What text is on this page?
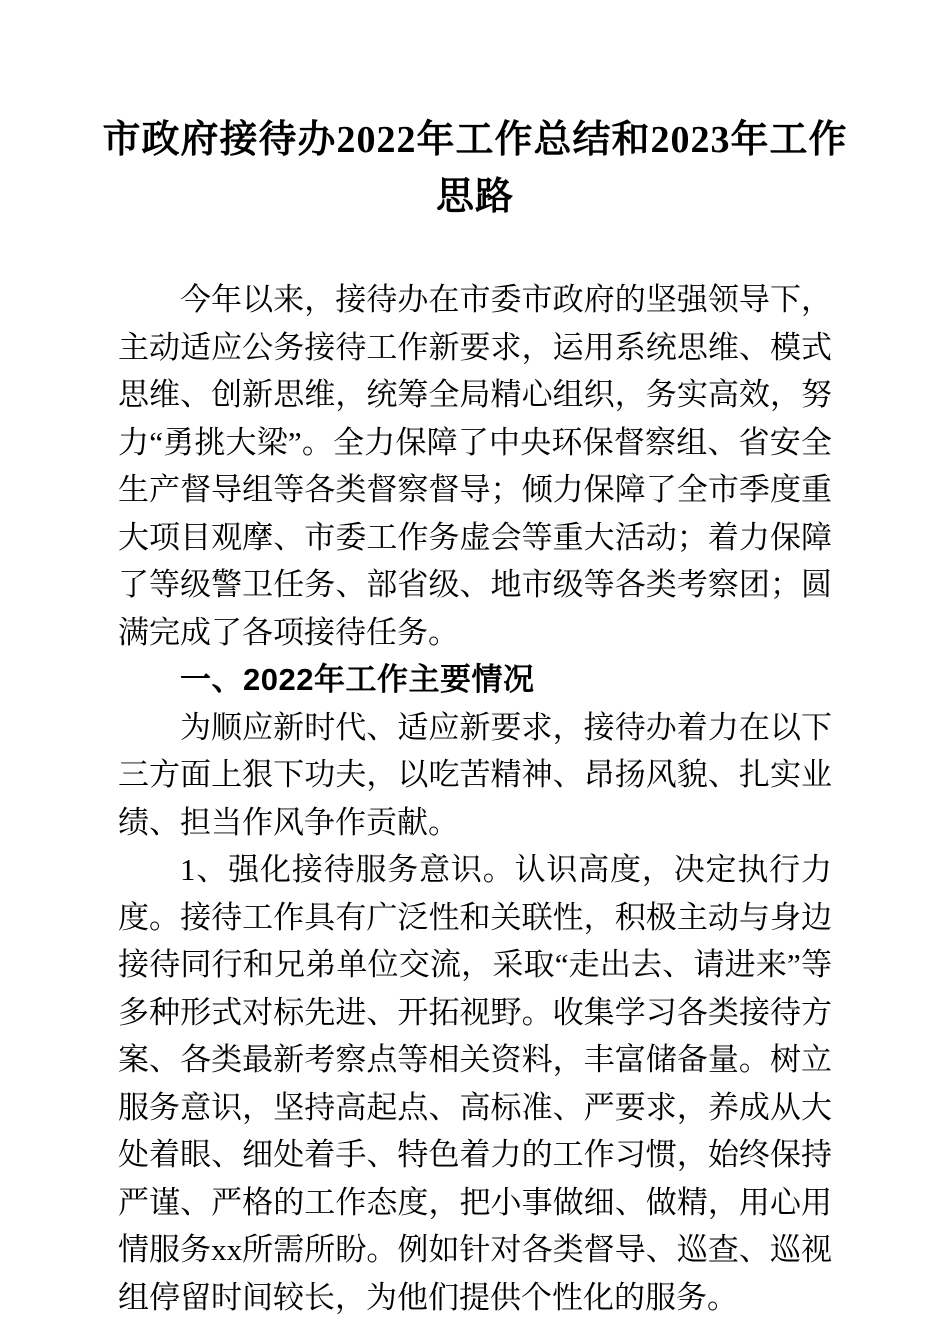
市政府接待办2022年工作总结和2023年工作思路

今年以来，接待办在市委市政府的坚强领导下，主动适应公务接待工作新要求，运用系统思维、模式思维、创新思维，统筹全局精心组织，务实高效，努力“勇挑大梁”。全力保障了中央环保督察组、省安全生产督导组等各类督察督导；倾力保障了全市季度重大项目观摩、市委工作务虚会等重大活动；着力保障了等级警卫任务、部省级、地市级等各类考察团；圆满完成了各项接待任务。

一、2022年工作主要情况

为顺应新时代、适应新要求，接待办着力在以下三方面上狠下功夫，以吃苦精神、昂扬风貌、扎实业绩、担当作风争作贡献。

1、强化接待服务意识。认识高度，决定执行力度。接待工作具有广泛性和关联性，积极主动与身边接待同行和兄弟单位交流，采取“走出去、请进来”等多种形式对标先进、开拓视野。收集学习各类接待方案、各类最新考察点等相关资料，丰富储备量。树立服务意识，坚持高起点、高标准、严要求，养成从大处着眼、细处着手、特色着力的工作习惯，始终保持严谨、严格的工作态度，把小事做细、做精，用心用情服务xx所需所盼。例如针对各类督导、巡查、巡视组停留时间较长，为他们提供个性化的服务。
